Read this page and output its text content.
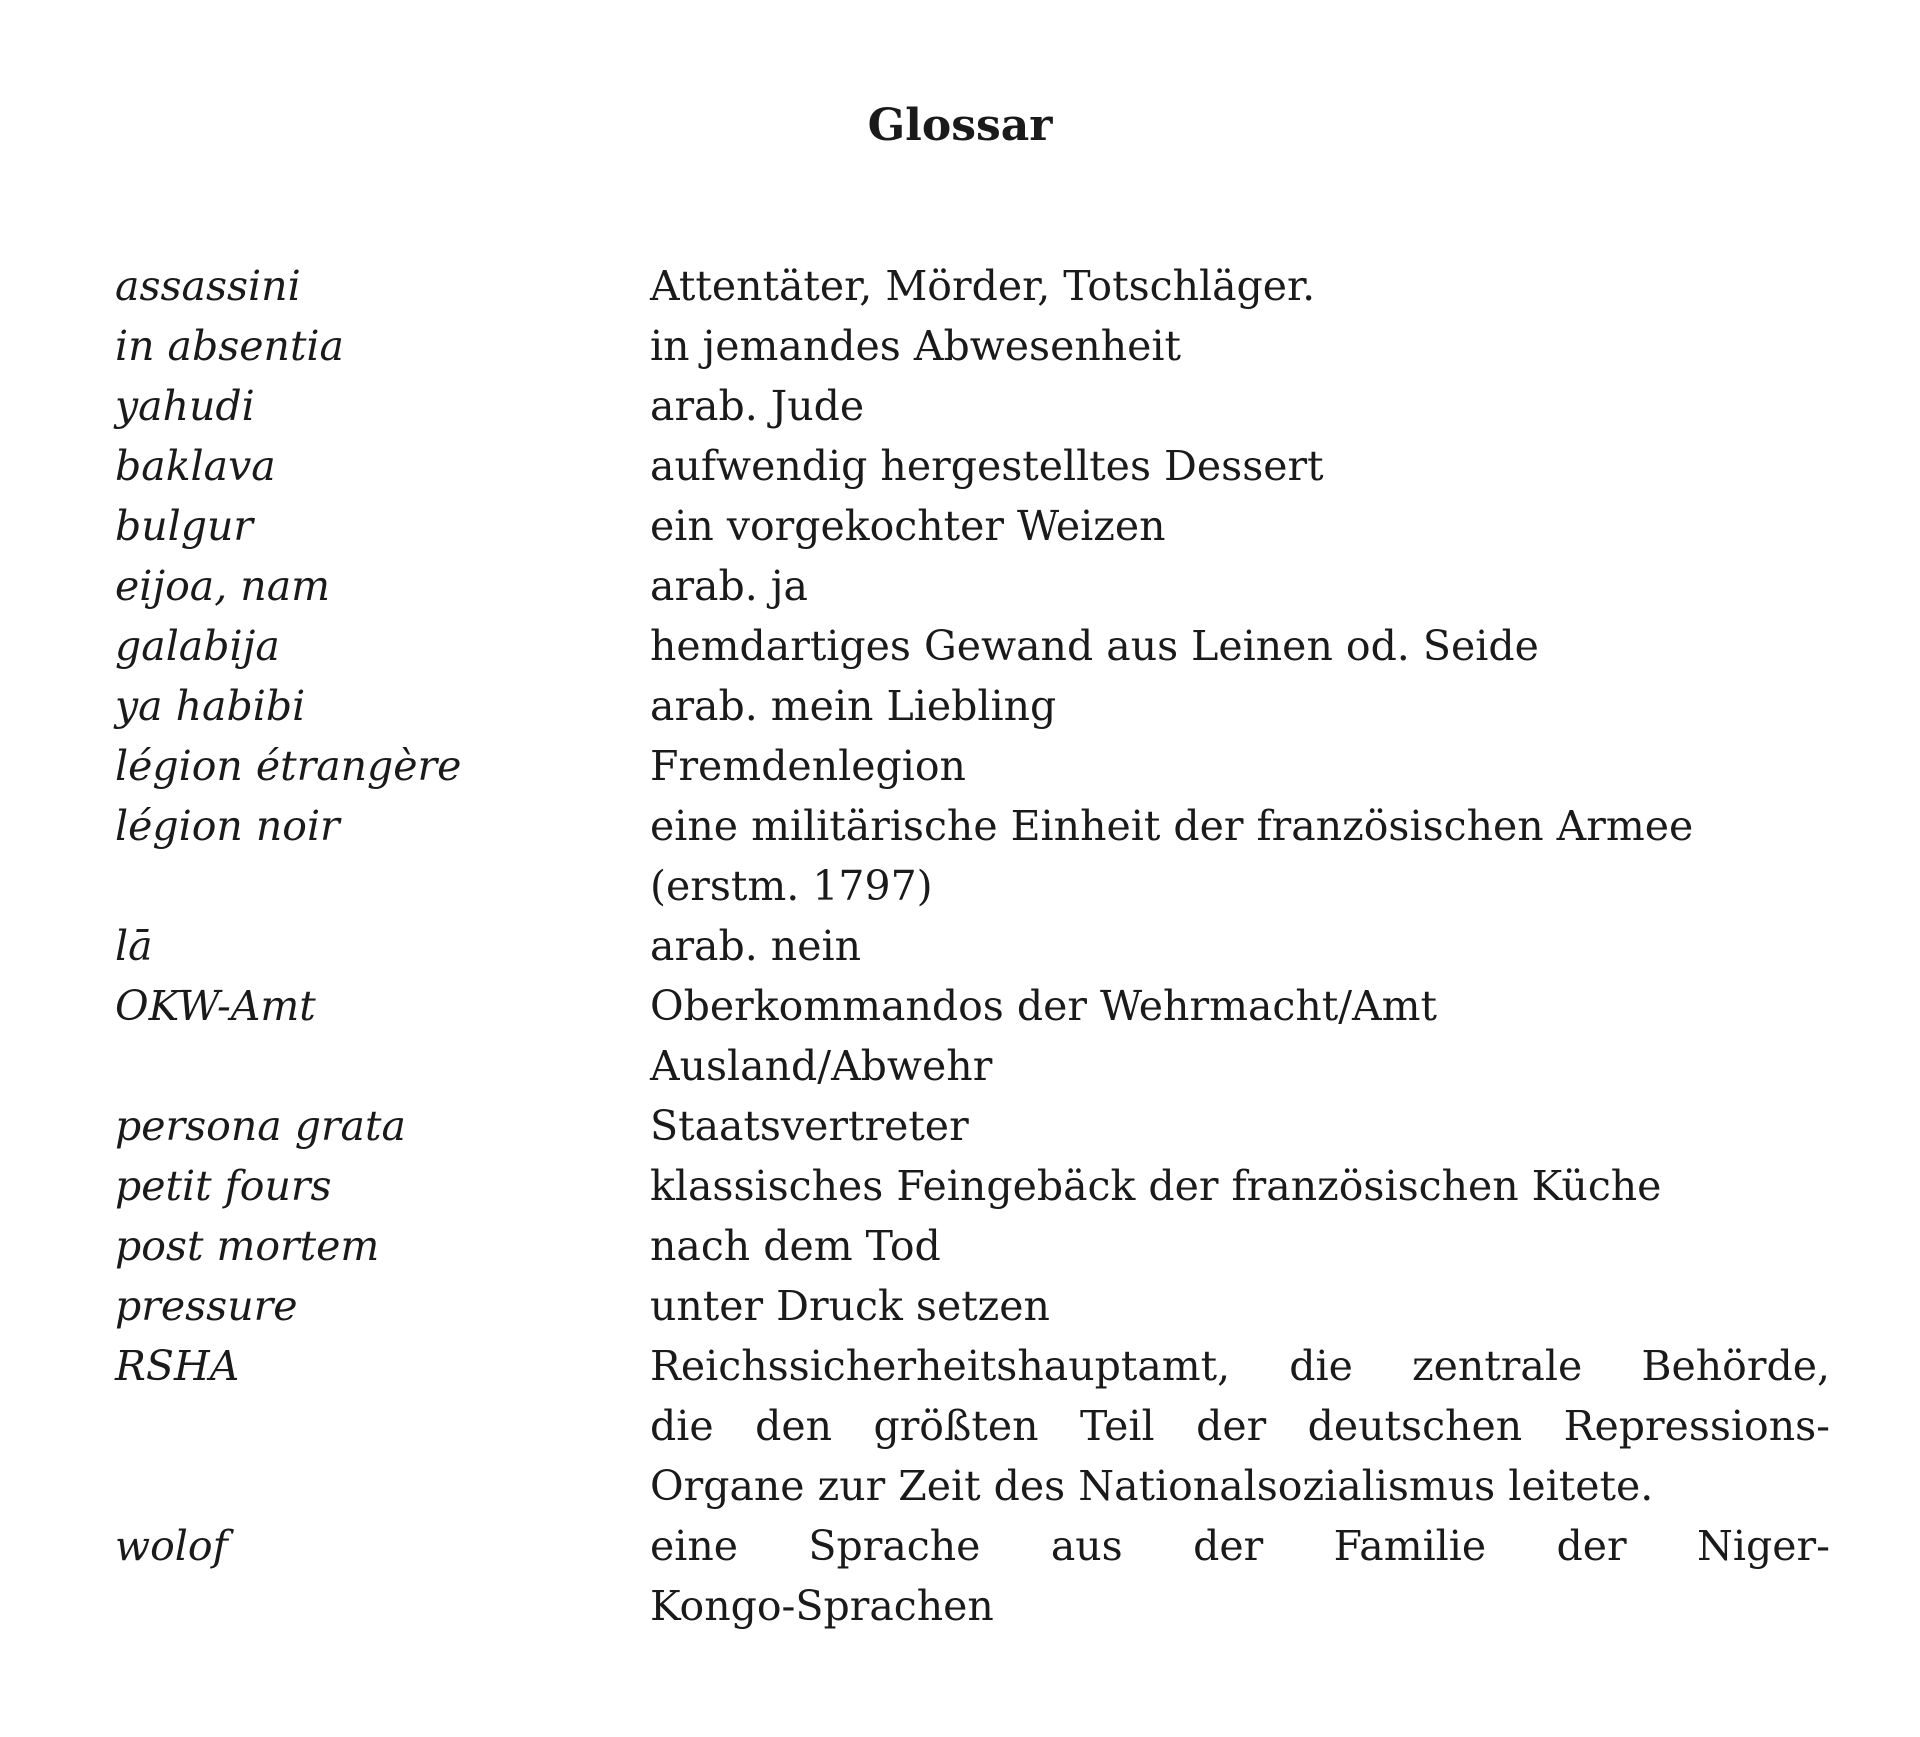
Glossar
assassini	Attentäter, Mörder, Totschläger.
in absentia	in jemandes Abwesenheit
yahudi	arab. Jude
baklava	aufwendig hergestelltes Dessert
bulgur	ein vorgekochter Weizen
eijoa, nam	arab. ja
galabija	hemdartiges Gewand aus Leinen od. Seide
ya habibi	arab. mein Liebling
légion étrangère	Fremdenlegion
légion noir	eine militärische Einheit der französischen Armee
(erstm. 1797)
lā	arab. nein
OKW-Amt	Oberkommandos der Wehrmacht/Amt
Ausland/Abwehr
persona grata	Staatsvertreter
petit fours	klassisches Feingebäck der französischen Küche
post mortem	nach dem Tod
pressure	unter Druck setzen
RSHA	Reichssicherheitshauptamt, die zentrale Behörde,
die den größten Teil der deutschen Repressions-
Organe zur Zeit des Nationalsozialismus leitete.
wolof	eine Sprache aus der Familie der Niger-
Kongo-Sprachen
